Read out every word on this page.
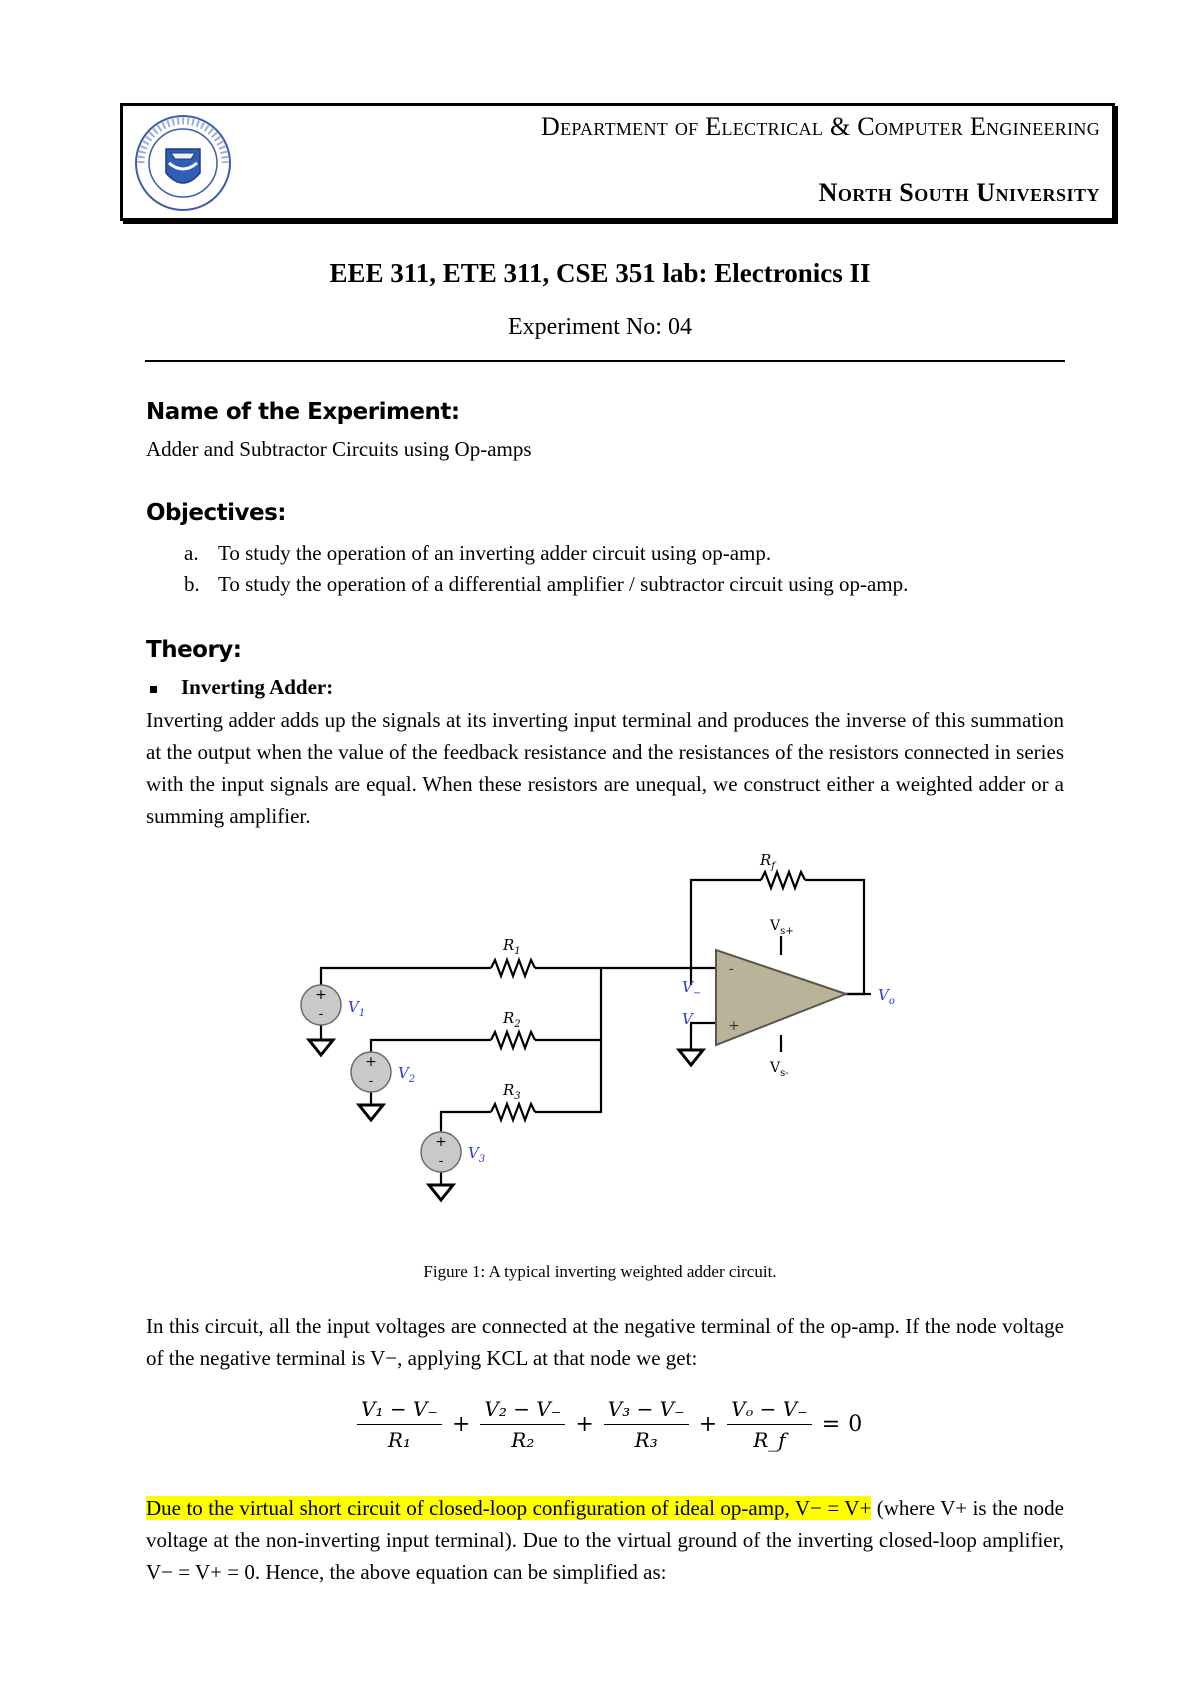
Department of Electrical & Computer Engineering
North South University
EEE 311, ETE 311, CSE 351 lab: Electronics II
Experiment No: 04
Name of the Experiment:
Adder and Subtractor Circuits using Op-amps
Objectives:
a. To study the operation of an inverting adder circuit using op-amp.
b. To study the operation of a differential amplifier / subtractor circuit using op-amp.
Theory:
Inverting Adder:
Inverting adder adds up the signals at its inverting input terminal and produces the inverse of this summation at the output when the value of the feedback resistance and the resistances of the resistors connected in series with the input signals are equal. When these resistors are unequal, we construct either a weighted adder or a summing amplifier.
-
+
+
-
+
-
+
-
$R_f$
$R_1$
$R_2$
$R_3$
$V_1$
$V_2$
$V_3$
$V_-$
V
$V_o$
$V_{s+}$
$V_{s-}$
Figure 1: A typical inverting weighted adder circuit.
In this circuit, all the input voltages are connected at the negative terminal of the op-amp. If the node voltage of the negative terminal is V−, applying KCL at that node we get:
$\frac{\text{V₁ − V₋}}{\text{R₁}} + \frac{\text{V₂ − V₋}}{\text{R₂}} + \frac{\text{V₃ − V₋}}{\text{R₃}} + \frac{\text{Vₒ − V₋}}{R\_f} = 0$
Due to the virtual short circuit of closed-loop configuration of ideal op-amp, V− = V+ (where V+ is the node voltage at the non-inverting input terminal). Due to the virtual ground of the inverting closed-loop amplifier, V− = V+ = 0. Hence, the above equation can be simplified as:
